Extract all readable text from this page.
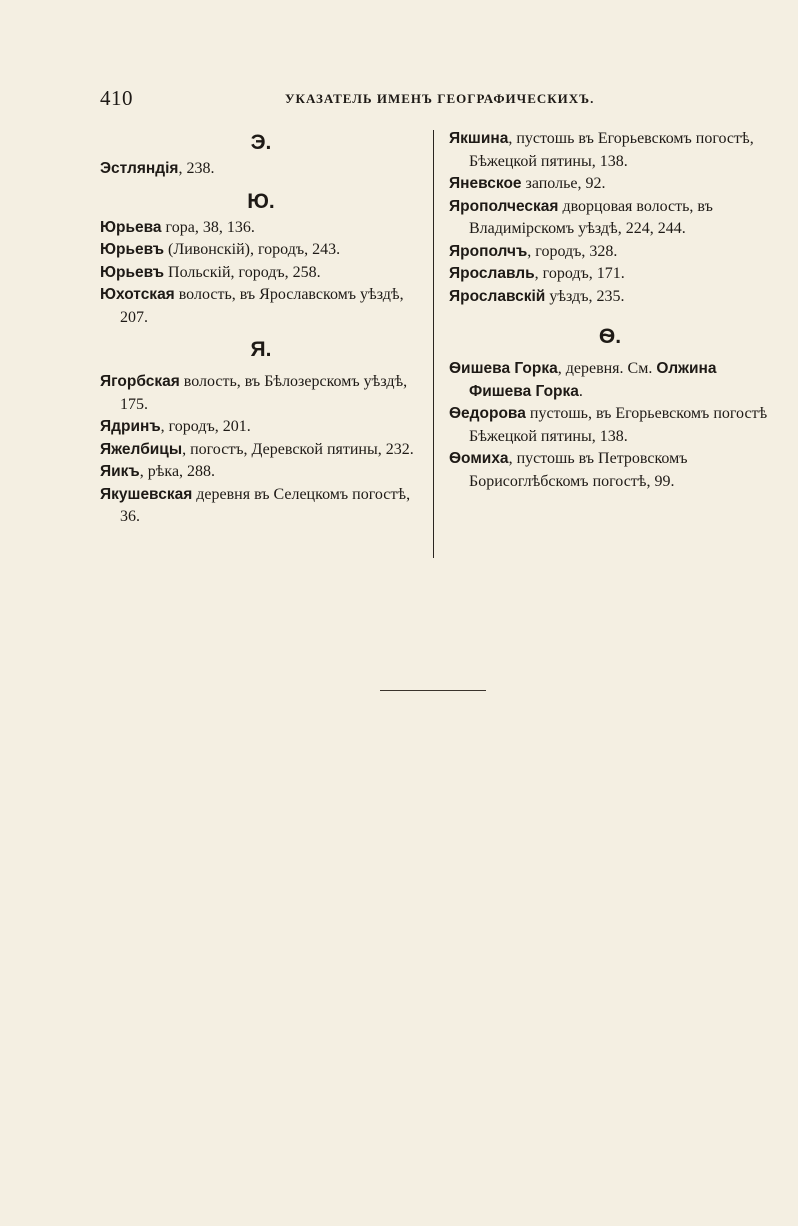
410	УКАЗАТЕЛЬ ИМЕНЪ ГЕОГРАФИЧЕСКИХЪ.
Э.

Эстляндія, 238.

Ю.

Юрьева гора, 38, 136.

Юрьевъ (Ливонскій), городъ, 243.

Юрьевъ Польскій, городъ, 258.

Юхотская волость, въ Ярославскомъ уѣздѣ, 207.

Я.

Ягорбская волость, въ Бѣлозерскомъ уѣздѣ, 175.

Ядринъ, городъ, 201.

Яжелбицы, погостъ, Деревской пятины, 232.

Яикъ, рѣка, 288.

Якушевская деревня въ Селецкомъ погостѣ, 36.

Якшина, пустошь въ Егорьевскомъ погостѣ, Бѣжецкой пятины, 138.

Яневское заполье, 92.

Ярополческая дворцовая волость, въ Владимірскомъ уѣздѣ, 224, 244.

Ярополчъ, городъ, 328.

Ярославль, городъ, 171.

Ярославскій уѣздъ, 235.

Ѳ.

Ѳишева Горка, деревня. См. Олжина Фишева Горка.

Ѳедорова пустошь, въ Егорьевскомъ погостѣ Бѣжецкой пятины, 138.

Ѳомиха, пустошь въ Петровскомъ Борисоглѣбскомъ погостѣ, 99.
